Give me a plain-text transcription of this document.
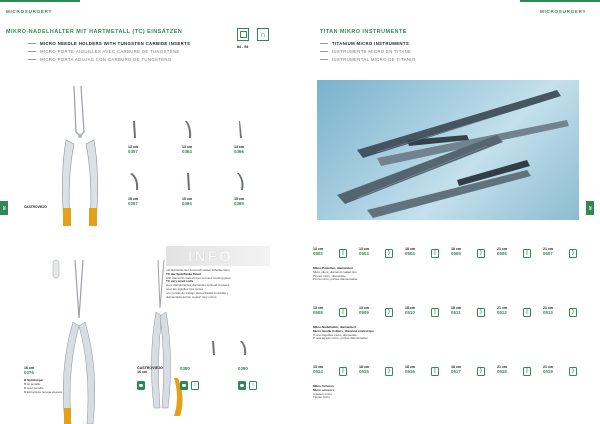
MICROSURGERY	MICROSURGERY
MIKRO-NADELHALTER MIT HARTMETALL (TC) EINSÄTZEN
MICRO NEEDLE HOLDERS WITH TUNGSTEN CARBIDE INSERTS
MICRO PORTE-AIGUILLES AVEC CARBURE DE TUNGSTÈNE
MICRO PORTA AGUJAS CON CARBURO DE TUNGSTENO
∩
84 - 94
28	CASTROVIEJO
13 cm
0357
13 cm
0364
13 cm
0366
15 cm
0357
15 cm
0364
15 cm
0369
INFO
mit diamantierten Innenschneiden Arbeitsenden,
TC der Spitzflanke fixiert
with diamond coated inner-crosses working jaws,
TC very sized ends
avec diamantiertes diamantée schneid croisées,
pour les aiguilles très cortes
con puntas de trabajo diamantadas cruzadas y
diamantada acción sujetar muy cortos
16 cm
0376
B Spitzkörper
B tip tenaille
B avec tenaille
B Estrampas tenaga ciseaux
CASTROVIEJO
16 cm
0380
∩
0390
∩
TITAN MIKRO INSTRUMENTE
TITANIUM MICRO INSTRUMENTS
INSTRUMENTS MICRO EN TITANE
INSTRUMENTAL MICRO DE TITANIO
29
13 cm
0502	|
13 cm
0503	)
18 cm
0504	|
18 cm
0505	)
21 cm
0506	|
21 cm
0507	)
Mikro-Pinzetten, diamantiert
Micro pliers, diamond coated tips
Pinces micro, diamantée
Pinza micro, puntas diamantadas
13 cm
0508	|
13 cm
0509	)
18 cm
0510	|
18 cm
0511	)
21 cm
0512	|
21 cm
0513	)
Mikro-Nadelhalter, diamantiert
Micro needle holders, diamond coated tips
P orte-Aiguilles micro, diamantée
P orta agujas micro, puntas diamantadas
13 cm
0514	|
18 cm
0515	)
18 cm
0516	|
18 cm
0517	)
21 cm
0518	|
21 cm
0519	)
Mikro-Scheren
Micro scissors
Ciseaux micro
Tijeras micro
